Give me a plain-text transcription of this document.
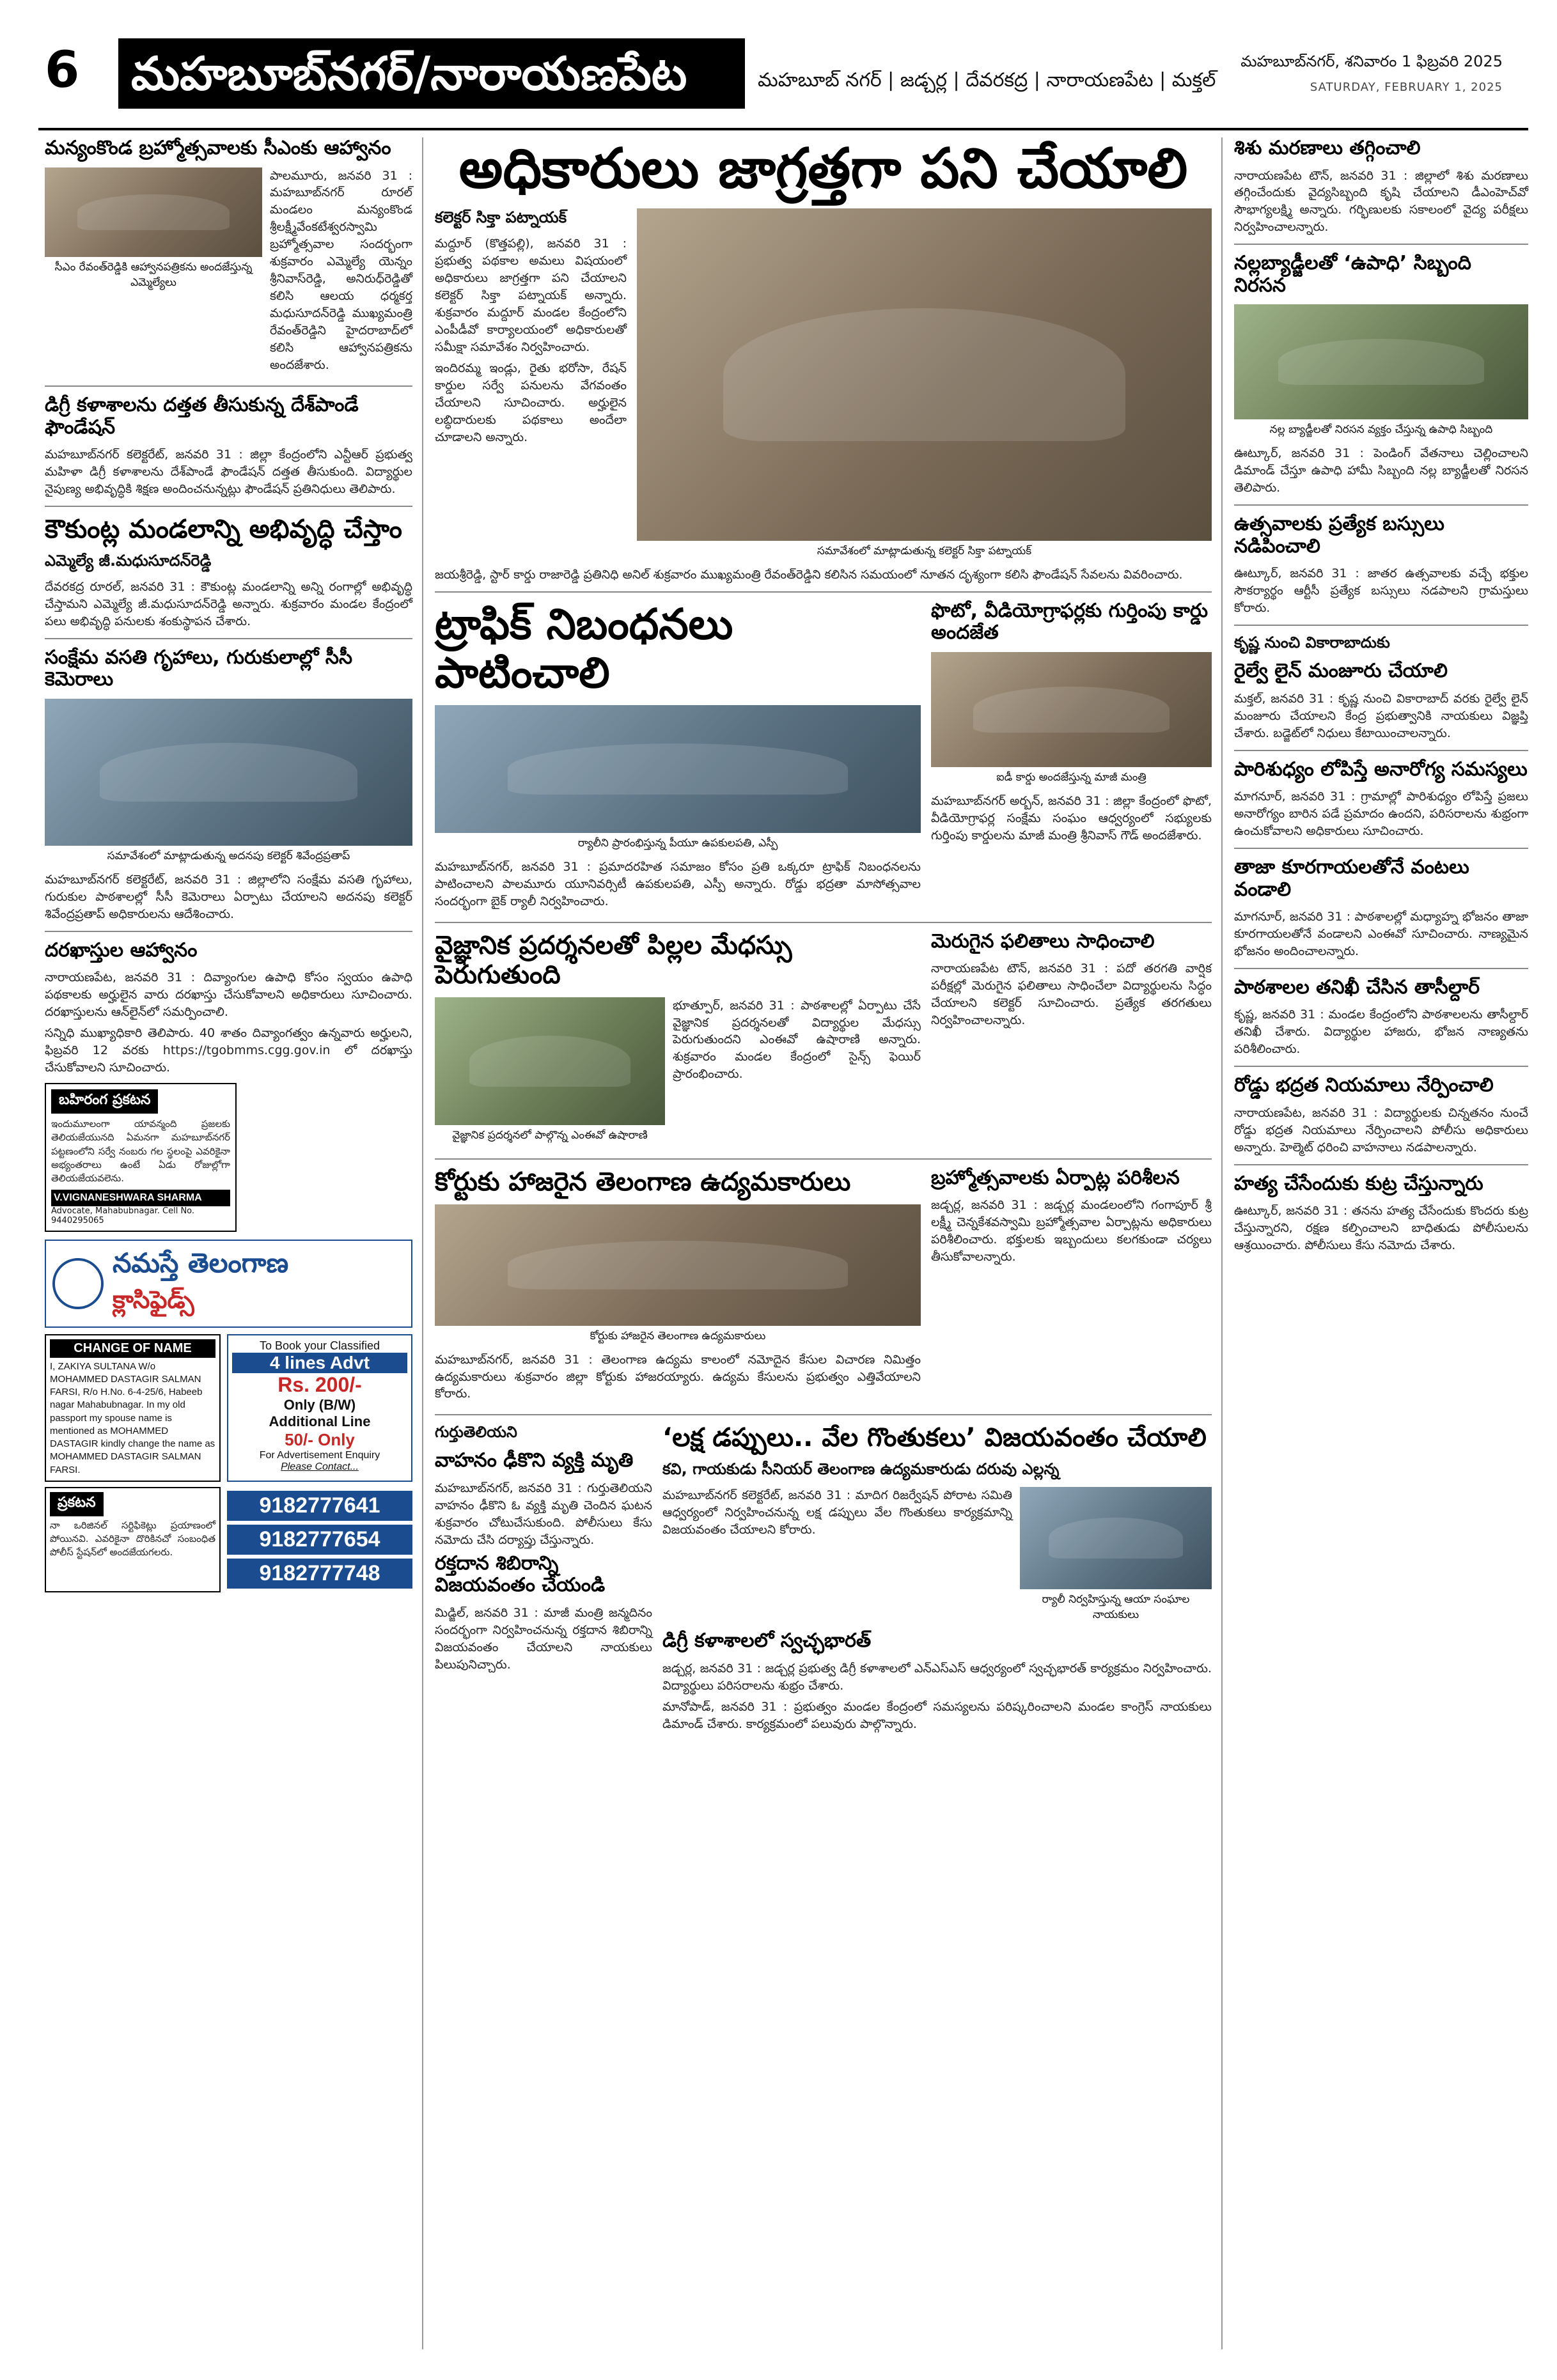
6 మహబూబ్‌నగర్/నారాయణపేట	మహబూబ్ నగర్ | జడ్చర్ల | దేవరకద్ర | నారాయణపేట | మక్తల్
మహబూబ్‌నగర్, శనివారం 1 ఫిబ్రవరి 2025
SATURDAY, FEBRUARY 1, 2025
మన్యంకొండ బ్రహ్మోత్సవాలకు సీఎంకు ఆహ్వానం
సీఎం రేవంత్‌రెడ్డికి ఆహ్వానపత్రికను అందజేస్తున్న ఎమ్మెల్యేలు
పాలమూరు, జనవరి 31 : మహబూబ్‌నగర్ రూరల్ మండలం మన్యంకొండ శ్రీలక్ష్మీవేంకటేశ్వరస్వామి బ్రహ్మోత్సవాల సందర్భంగా శుక్రవారం ఎమ్మెల్యే యెన్నం శ్రీనివాస్‌రెడ్డి, అనిరుధ్‌రెడ్డితో కలిసి ఆలయ ధర్మకర్త మధుసూదన్‌రెడ్డి ముఖ్యమంత్రి రేవంత్‌రెడ్డిని హైదరాబాద్‌లో కలిసి ఆహ్వానపత్రికను అందజేశారు.
డిగ్రీ కళాశాలను దత్తత తీసుకున్న దేశ్‌పాండే ఫౌండేషన్
మహబూబ్‌నగర్ కలెక్టరేట్, జనవరి 31 : జిల్లా కేంద్రంలోని ఎన్టీఆర్ ప్రభుత్వ మహిళా డిగ్రీ కళాశాలను దేశ్‌పాండే ఫౌండేషన్ దత్తత తీసుకుంది. విద్యార్థుల నైపుణ్య అభివృద్ధికి శిక్షణ అందించనున్నట్లు ఫౌండేషన్ ప్రతినిధులు తెలిపారు.
కౌకుంట్ల మండలాన్ని అభివృద్ధి చేస్తాం
ఎమ్మెల్యే జీ.మధుసూదన్‌రెడ్డి
దేవరకద్ర రూరల్, జనవరి 31 : కౌకుంట్ల మండలాన్ని అన్ని రంగాల్లో అభివృద్ధి చేస్తామని ఎమ్మెల్యే జీ.మధుసూదన్‌రెడ్డి అన్నారు. శుక్రవారం మండల కేంద్రంలో పలు అభివృద్ధి పనులకు శంకుస్థాపన చేశారు.
సంక్షేమ వసతి గృహాలు, గురుకులాల్లో సీసీ కెమెరాలు
సమావేశంలో మాట్లాడుతున్న అదనపు కలెక్టర్ శివేంద్రప్రతాప్
మహబూబ్‌నగర్ కలెక్టరేట్, జనవరి 31 : జిల్లాలోని సంక్షేమ వసతి గృహాలు, గురుకుల పాఠశాలల్లో సీసీ కెమెరాలు ఏర్పాటు చేయాలని అదనపు కలెక్టర్ శివేంద్రప్రతాప్ అధికారులను ఆదేశించారు.
దరఖాస్తుల ఆహ్వానం
నారాయణపేట, జనవరి 31 : దివ్యాంగుల ఉపాధి కోసం స్వయం ఉపాధి పథకాలకు అర్హులైన వారు దరఖాస్తు చేసుకోవాలని అధికారులు సూచించారు. దరఖాస్తులను ఆన్‌లైన్‌లో సమర్పించాలి.
సన్నిధి ముఖ్యాధికారి తెలిపారు. 40 శాతం దివ్యాంగత్వం ఉన్నవారు అర్హులని, ఫిబ్రవరి 12 వరకు https://tgobmms.cgg.gov.in లో దరఖాస్తు చేసుకోవాలని సూచించారు.
బహిరంగ ప్రకటన
ఇందుమూలంగా యావన్మంది ప్రజలకు తెలియజేయునది ఏమనగా మహబూబ్‌నగర్ పట్టణంలోని సర్వే నంబరు గల స్థలంపై ఎవరికైనా అభ్యంతరాలు ఉంటే ఏడు రోజుల్లోగా తెలియజేయవలెను.
V.VIGNANESHWARA SHARMA
Advocate, Mahabubnagar. Cell No. 9440295065
నమస్తే తెలంగాణ
క్లాసిఫైడ్స్
CHANGE OF NAME
I, ZAKIYA SULTANA W/o MOHAMMED DASTAGIR SALMAN FARSI, R/o H.No. 6-4-25/6, Habeeb nagar Mahabubnagar. In my old passport my spouse name is mentioned as MOHAMMED DASTAGIR kindly change the name as MOHAMMED DASTAGIR SALMAN FARSI.
To Book your Classified
4 lines Advt
Rs. 200/-
Only (B/W)
Additional Line
50/- Only
For Advertisement Enquiry
Please Contact...
ప్రకటన
నా ఒరిజినల్ సర్టిఫికెట్లు ప్రయాణంలో పోయినవి. ఎవరికైనా దొరికినచో సంబంధిత పోలీస్ స్టేషన్‌లో అందజేయగలరు.
9182777641
9182777654
9182777748
అధికారులు జాగ్రత్తగా పని చేయాలి
కలెక్టర్ సిక్తా పట్నాయక్
మద్దూర్ (కొత్తపల్లి), జనవరి 31 : ప్రభుత్వ పథకాల అమలు విషయంలో అధికారులు జాగ్రత్తగా పని చేయాలని కలెక్టర్ సిక్తా పట్నాయక్ అన్నారు. శుక్రవారం మద్దూర్ మండల కేంద్రంలోని ఎంపీడీవో కార్యాలయంలో అధికారులతో సమీక్షా సమావేశం నిర్వహించారు.
ఇందిరమ్మ ఇండ్లు, రైతు భరోసా, రేషన్ కార్డుల సర్వే పనులను వేగవంతం చేయాలని సూచించారు. అర్హులైన లబ్ధిదారులకు పథకాలు అందేలా చూడాలని అన్నారు.
సమావేశంలో మాట్లాడుతున్న కలెక్టర్ సిక్తా పట్నాయక్
జయశ్రీరెడ్డి, స్టార్ కార్డు రాజారెడ్డి ప్రతినిధి అనిల్ శుక్రవారం ముఖ్యమంత్రి రేవంత్‌రెడ్డిని కలిసిన సమయంలో నూతన దృశ్యంగా కలిసి ఫౌండేషన్ సేవలను వివరించారు.
ట్రాఫిక్ నిబంధనలు పాటించాలి
ర్యాలీని ప్రారంభిస్తున్న పీయూ ఉపకులపతి, ఎస్పీ
మహబూబ్‌నగర్, జనవరి 31 : ప్రమాదరహిత సమాజం కోసం ప్రతి ఒక్కరూ ట్రాఫిక్ నిబంధనలను పాటించాలని పాలమూరు యూనివర్సిటీ ఉపకులపతి, ఎస్పీ అన్నారు. రోడ్డు భద్రతా మాసోత్సవాల సందర్భంగా బైక్ ర్యాలీ నిర్వహించారు.
ఫొటో, వీడియోగ్రాఫర్లకు గుర్తింపు కార్డు అందజేత
ఐడీ కార్డు అందజేస్తున్న మాజీ మంత్రి
మహబూబ్‌నగర్ అర్బన్, జనవరి 31 : జిల్లా కేంద్రంలో ఫొటో, వీడియోగ్రాఫర్ల సంక్షేమ సంఘం ఆధ్వర్యంలో సభ్యులకు గుర్తింపు కార్డులను మాజీ మంత్రి శ్రీనివాస్ గౌడ్ అందజేశారు.
వైజ్ఞానిక ప్రదర్శనలతో పిల్లల మేధస్సు పెరుగుతుంది
వైజ్ఞానిక ప్రదర్శనలో పాల్గొన్న ఎంఈవో ఉషారాణి
భూత్పూర్, జనవరి 31 : పాఠశాలల్లో ఏర్పాటు చేసే వైజ్ఞానిక ప్రదర్శనలతో విద్యార్థుల మేధస్సు పెరుగుతుందని ఎంఈవో ఉషారాణి అన్నారు. శుక్రవారం మండల కేంద్రంలో సైన్స్ ఫెయిర్ ప్రారంభించారు.
మెరుగైన ఫలితాలు సాధించాలి
నారాయణపేట టౌన్, జనవరి 31 : పదో తరగతి వార్షిక పరీక్షల్లో మెరుగైన ఫలితాలు సాధించేలా విద్యార్థులను సిద్ధం చేయాలని కలెక్టర్ సూచించారు. ప్రత్యేక తరగతులు నిర్వహించాలన్నారు.
కోర్టుకు హాజరైన తెలంగాణ ఉద్యమకారులు
కోర్టుకు హాజరైన తెలంగాణ ఉద్యమకారులు
మహబూబ్‌నగర్, జనవరి 31 : తెలంగాణ ఉద్యమ కాలంలో నమోదైన కేసుల విచారణ నిమిత్తం ఉద్యమకారులు శుక్రవారం జిల్లా కోర్టుకు హాజరయ్యారు. ఉద్యమ కేసులను ప్రభుత్వం ఎత్తివేయాలని కోరారు.
బ్రహ్మోత్సవాలకు ఏర్పాట్ల పరిశీలన
జడ్చర్ల, జనవరి 31 : జడ్చర్ల మండలంలోని గంగాపూర్ శ్రీ లక్ష్మీ చెన్నకేశవస్వామి బ్రహ్మోత్సవాల ఏర్పాట్లను అధికారులు పరిశీలించారు. భక్తులకు ఇబ్బందులు కలగకుండా చర్యలు తీసుకోవాలన్నారు.
గుర్తుతెలియని
వాహనం ఢీకొని వ్యక్తి మృతి
మహబూబ్‌నగర్, జనవరి 31 : గుర్తుతెలియని వాహనం ఢీకొని ఓ వ్యక్తి మృతి చెందిన ఘటన శుక్రవారం చోటుచేసుకుంది. పోలీసులు కేసు నమోదు చేసి దర్యాప్తు చేస్తున్నారు.
రక్తదాన శిబిరాన్ని విజయవంతం చేయండి
మిడ్జిల్, జనవరి 31 : మాజీ మంత్రి జన్మదినం సందర్భంగా నిర్వహించనున్న రక్తదాన శిబిరాన్ని విజయవంతం చేయాలని నాయకులు పిలుపునిచ్చారు.
‘లక్ష డప్పులు.. వేల గొంతుకలు’ విజయవంతం చేయాలి
కవి, గాయకుడు సీనియర్ తెలంగాణ ఉద్యమకారుడు దరువు ఎల్లన్న
మహబూబ్‌నగర్ కలెక్టరేట్, జనవరి 31 : మాదిగ రిజర్వేషన్ పోరాట సమితి ఆధ్వర్యంలో నిర్వహించనున్న లక్ష డప్పులు వేల గొంతుకలు కార్యక్రమాన్ని విజయవంతం చేయాలని కోరారు.
ర్యాలీ నిర్వహిస్తున్న ఆయా సంఘాల నాయకులు
డిగ్రీ కళాశాలలో స్వచ్ఛభారత్
జడ్చర్ల, జనవరి 31 : జడ్చర్ల ప్రభుత్వ డిగ్రీ కళాశాలలో ఎన్ఎస్ఎస్ ఆధ్వర్యంలో స్వచ్ఛభారత్ కార్యక్రమం నిర్వహించారు. విద్యార్థులు పరిసరాలను శుభ్రం చేశారు.
మానోపాడ్, జనవరి 31 : ప్రభుత్వం మండల కేంద్రంలో సమస్యలను పరిష్కరించాలని మండల కాంగ్రెస్ నాయకులు డిమాండ్ చేశారు. కార్యక్రమంలో పలువురు పాల్గొన్నారు.
శిశు మరణాలు తగ్గించాలి
నారాయణపేట టౌన్, జనవరి 31 : జిల్లాలో శిశు మరణాలు తగ్గించేందుకు వైద్యసిబ్బంది కృషి చేయాలని డీఎంహెచ్‌వో సౌభాగ్యలక్ష్మి అన్నారు. గర్భిణులకు సకాలంలో వైద్య పరీక్షలు నిర్వహించాలన్నారు.
నల్లబ్యాడ్జీలతో ‘ఉపాధి’ సిబ్బంది నిరసన
నల్ల బ్యాడ్జీలతో నిరసన వ్యక్తం చేస్తున్న ఉపాధి సిబ్బంది
ఊట్కూర్, జనవరి 31 : పెండింగ్ వేతనాలు చెల్లించాలని డిమాండ్ చేస్తూ ఉపాధి హామీ సిబ్బంది నల్ల బ్యాడ్జీలతో నిరసన తెలిపారు.
ఉత్సవాలకు ప్రత్యేక బస్సులు నడిపించాలి
ఊట్కూర్, జనవరి 31 : జాతర ఉత్సవాలకు వచ్చే భక్తుల సౌకర్యార్థం ఆర్టీసీ ప్రత్యేక బస్సులు నడపాలని గ్రామస్తులు కోరారు.
కృష్ణ నుంచి వికారాబాదుకు
రైల్వే లైన్ మంజూరు చేయాలి
మక్తల్, జనవరి 31 : కృష్ణ నుంచి వికారాబాద్ వరకు రైల్వే లైన్ మంజూరు చేయాలని కేంద్ర ప్రభుత్వానికి నాయకులు విజ్ఞప్తి చేశారు. బడ్జెట్‌లో నిధులు కేటాయించాలన్నారు.
పారిశుధ్యం లోపిస్తే అనారోగ్య సమస్యలు
మాగనూర్, జనవరి 31 : గ్రామాల్లో పారిశుధ్యం లోపిస్తే ప్రజలు అనారోగ్యం బారిన పడే ప్రమాదం ఉందని, పరిసరాలను శుభ్రంగా ఉంచుకోవాలని అధికారులు సూచించారు.
తాజా కూరగాయలతోనే వంటలు వండాలి
మాగనూర్, జనవరి 31 : పాఠశాలల్లో మధ్యాహ్న భోజనం తాజా కూరగాయలతోనే వండాలని ఎంఈవో సూచించారు. నాణ్యమైన భోజనం అందించాలన్నారు.
పాఠశాలల తనిఖీ చేసిన తాసీల్దార్
కృష్ణ, జనవరి 31 : మండల కేంద్రంలోని పాఠశాలలను తాసీల్దార్ తనిఖీ చేశారు. విద్యార్థుల హాజరు, భోజన నాణ్యతను పరిశీలించారు.
రోడ్డు భద్రత నియమాలు నేర్పించాలి
నారాయణపేట, జనవరి 31 : విద్యార్థులకు చిన్నతనం నుంచే రోడ్డు భద్రత నియమాలు నేర్పించాలని పోలీసు అధికారులు అన్నారు. హెల్మెట్ ధరించి వాహనాలు నడపాలన్నారు.
హత్య చేసేందుకు కుట్ర చేస్తున్నారు
ఊట్కూర్, జనవరి 31 : తనను హత్య చేసేందుకు కొందరు కుట్ర చేస్తున్నారని, రక్షణ కల్పించాలని బాధితుడు పోలీసులను ఆశ్రయించారు. పోలీసులు కేసు నమోదు చేశారు.
